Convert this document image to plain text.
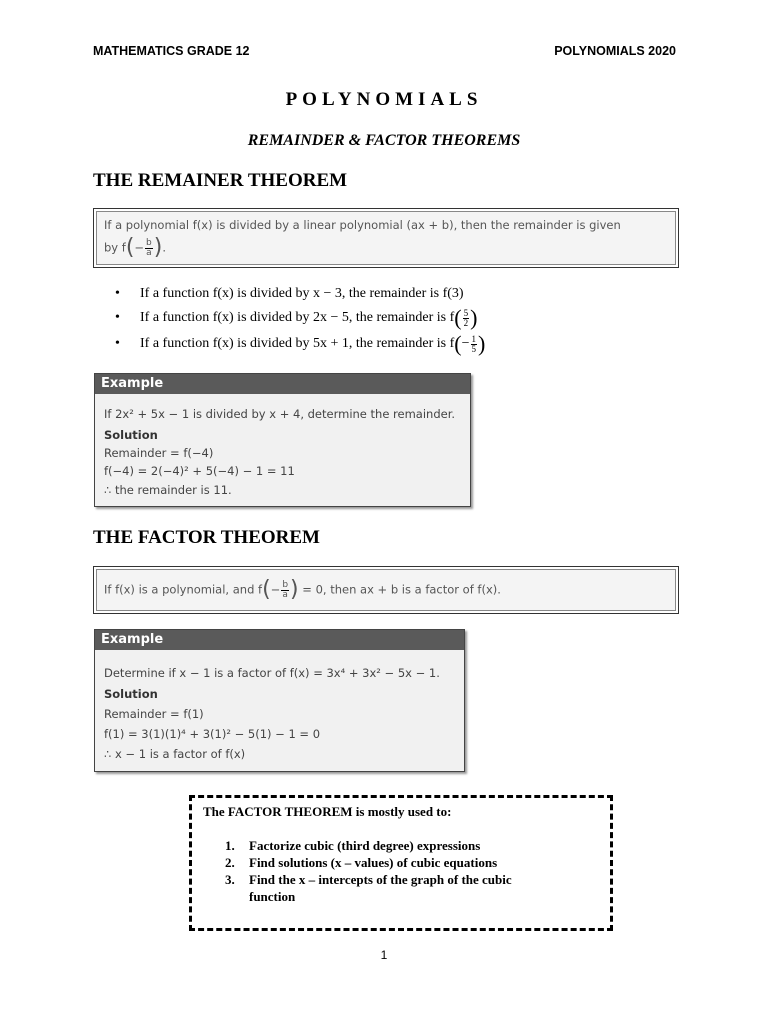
MATHEMATICS GRADE 12	POLYNOMIALS 2020
POLYNOMIALS
REMAINDER & FACTOR THEOREMS
THE REMAINER THEOREM
If a polynomial f(x) is divided by a linear polynomial (ax + b), then the remainder is given
by $f(- \frac{b}{a}$ ).
• If a function f(x) is divided by x − 3, the remainder is f(3)
• If a function f(x) is divided by 2x − 5, the remainder is $f( \frac{5}{2}$ )
• If a function f(x) is divided by 5x + 1, the remainder is $f(- \frac{1}{5}$ )
Example
If 2x² + 5x − 1 is divided by x + 4, determine the remainder.
Solution
Remainder = f(−4)
f(−4) = 2(−4)² + 5(−4) − 1 = 11
∴ the remainder is 11.
THE FACTOR THEOREM
If f(x) is a polynomial, and $f(- \frac{b}{a}$ ) = 0, then ax + b is a factor of f(x).
Example
Determine if x − 1 is a factor of f(x) = 3x⁴ + 3x² − 5x − 1.
Solution
Remainder = f(1)
f(1) = 3(1)(1)⁴ + 3(1)² − 5(1) − 1 = 0
∴ x − 1 is a factor of f(x)
The FACTOR THEOREM is mostly used to:
1. Factorize cubic (third degree) expressions
2. Find solutions (x – values) of cubic equations
3. Find the x – intercepts of the graph of the cubic
function
1
